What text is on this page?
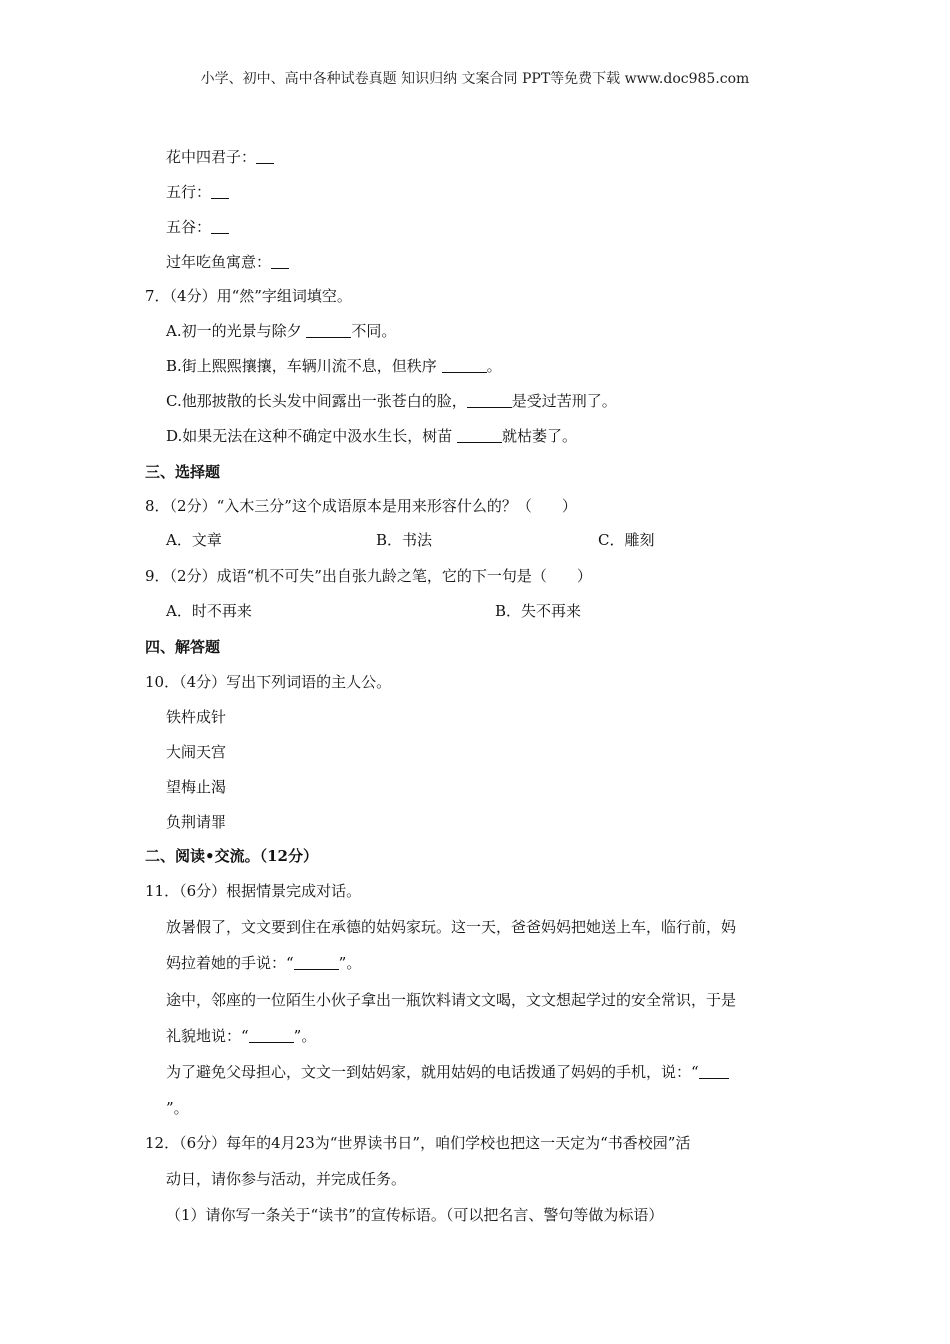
小学、初中、高中各种试卷真题 知识归纳 文案合同 PPT等免费下载 www.doc985.com
花中四君子：
五行：
五谷：
过年吃鱼寓意：
7．（4分）用“然”字组词填空。
A.初一的光景与除夕	不同。
B.街上熙熙攘攘，车辆川流不息，但秩序	。
C.他那披散的长头发中间露出一张苍白的脸，	是受过苦刑了。
D.如果无法在这种不确定中汲水生长，树苗	就枯萎了。
三、选择题
8．（2分）“入木三分”这个成语原本是用来形容什么的？（　　）
A．文章	B．书法	C．雕刻
9．（2分）成语“机不可失”出自张九龄之笔，它的下一句是（　　）
A．时不再来	B．失不再来
四、解答题
10．（4分）写出下列词语的主人公。
铁杵成针
大闹天宫
望梅止渴
负荆请罪
二、阅读•交流。（12分）
11．（6分）根据情景完成对话。
放暑假了，文文要到住在承德的姑妈家玩。这一天，爸爸妈妈把她送上车，临行前，妈
妈拉着她的手说：“	”。
途中，邻座的一位陌生小伙子拿出一瓶饮料请文文喝，文文想起学过的安全常识，于是
礼貌地说：“	”。
为了避免父母担心，文文一到姑妈家，就用姑妈的电话拨通了妈妈的手机，说：“
”。
12．（6分）每年的4月23为“世界读书日”，咱们学校也把这一天定为“书香校园”活
动日，请你参与活动，并完成任务。
（1）请你写一条关于“读书”的宣传标语。（可以把名言、警句等做为标语）
